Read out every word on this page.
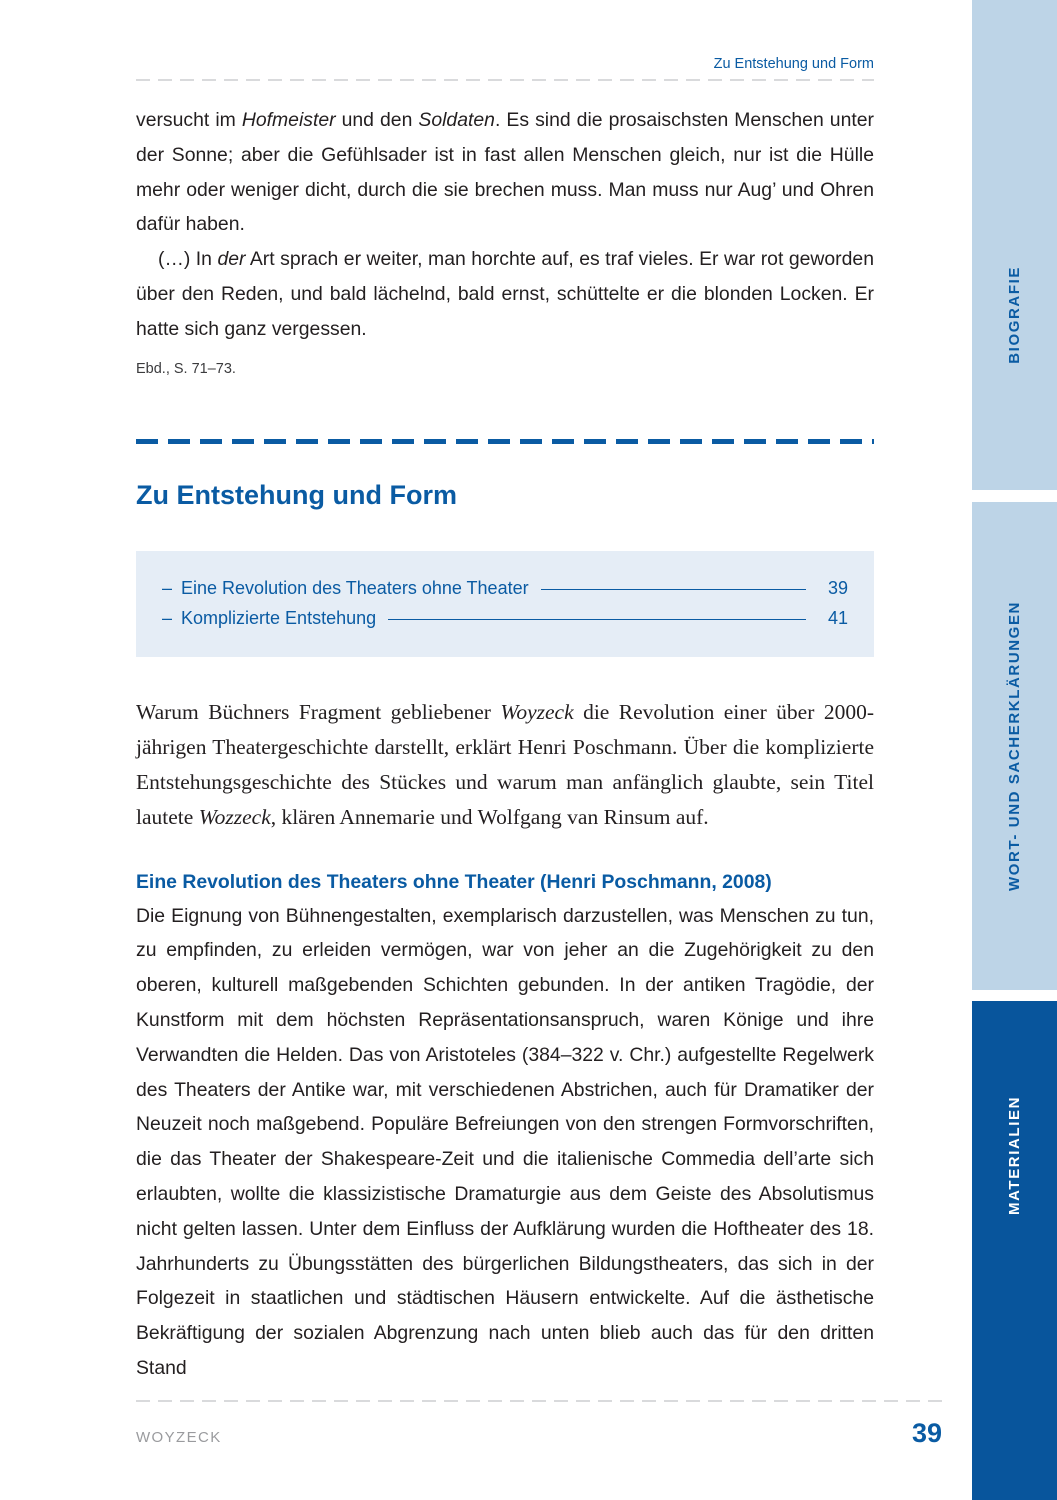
BIOGRAFIE
WORT- UND SACHERKLÄRUNGEN
MATERIALIEN
Zu Entstehung und Form

versucht im Hofmeister und den Soldaten. Es sind die prosaischsten Menschen unter der Sonne; aber die Gefühlsader ist in fast allen Menschen gleich, nur ist die Hülle mehr oder weniger dicht, durch die sie brechen muss. Man muss nur Aug’ und Ohren dafür haben.

(…) In der Art sprach er weiter, man horchte auf, es traf vieles. Er war rot geworden über den Reden, und bald lächelnd, bald ernst, schüttelte er die blonden Locken. Er hatte sich ganz vergessen.

Ebd., S. 71–73.
Zu Entstehung und Form
– Eine Revolution des Theaters ohne Theater	39
– Komplizierte Entstehung	41

Warum Büchners Fragment gebliebener Woyzeck die Revolution einer über 2000-jährigen Theatergeschichte darstellt, erklärt Henri Poschmann. Über die komplizierte Entstehungsgeschichte des Stückes und warum man anfänglich glaubte, sein Titel lautete Wozzeck, klären Annemarie und Wolfgang van Rinsum auf.

Eine Revolution des Theaters ohne Theater (Henri Poschmann, 2008)

Die Eignung von Bühnengestalten, exemplarisch darzustellen, was Menschen zu tun, zu empfinden, zu erleiden vermögen, war von jeher an die Zugehörigkeit zu den oberen, kulturell maßgebenden Schichten gebunden. In der antiken Tragödie, der Kunstform mit dem höchsten Repräsentationsanspruch, waren Könige und ihre Verwandten die Helden. Das von Aristoteles (384–322 v. Chr.) aufgestellte Regelwerk des Theaters der Antike war, mit verschiedenen Abstrichen, auch für Dramatiker der Neuzeit noch maßgebend. Populäre Befreiungen von den strengen Formvorschriften, die das Theater der Shakespeare-Zeit und die italienische Commedia dell’arte sich erlaubten, wollte die klassizistische Dramaturgie aus dem Geiste des Absolutismus nicht gelten lassen. Unter dem Einfluss der Aufklärung wurden die Hoftheater des 18. Jahrhunderts zu Übungsstätten des bürgerlichen Bildungstheaters, das sich in der Folgezeit in staatlichen und städtischen Häusern entwickelte. Auf die ästhetische Bekräftigung der sozialen Abgrenzung nach unten blieb auch das für den dritten Stand

WOYZECK	39
